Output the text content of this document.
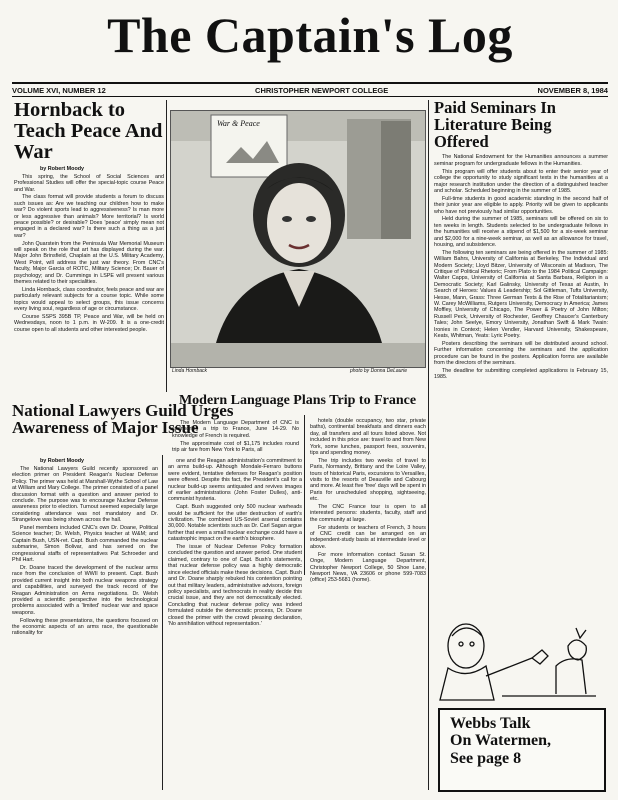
The Captain's Log
VOLUME XVI, NUMBER 12	CHRISTOPHER NEWPORT COLLEGE	NOVEMBER 8, 1984
Hornback to Teach Peace And War
by Robert Moody

This spring, the School of Social Sciences and Professional Studies will offer the special-topic course Peace and War.

The class format will provide students a forum to discuss such issues as: Are we teaching our children how to make war? Do violent sports lead to aggressiveness? Is man more or less aggressive than animals? More territorial? Is world peace possible? or desirable? Does 'peace' simply mean not engaged in a declared war? Is there such a thing as a just war?

John Quarstein from the Peninsula War Memorial Museum will speak on the role that art has displayed during the war. Major John Brinsfield, Chaplain at the U.S. Military Academy, West Point, will address the just war theory. From CNC's faculty, Major Garcia of ROTC, Military Science; Dr. Bauer of psychology; and Dr. Cummings in LSPE will present various themes related to their specialities.

Linda Hornback, class coordinator, feels peace and war are particularly relevant subjects for a course topic. While some topics would appeal to select groups, this issue concerns every living soul, regardless of age or circumstance.

Course SSPS 395B TP, Peace and War, will be held on Wednesdays, noon to 1 p.m. in W-209. It is a one-credit course open to all students and other interested people.

War & Peace
Linda Hornback	photo by Donna DeLaurie
Modern Language Plans Trip to France

The Modern Language Department of CNC is sponsoring a trip to France, June 14-29. No knowledge of French is required.

The approximate cost of $1,175 includes round trip air fare from New York to Paris, all

hotels (double occupancy, two star, private baths), continental breakfasts and dinners each day, all transfers and all tours listed above. Not included in this price are: travel to and from New York, some lunches, passport fees, souvenirs, tips and spending money.

The trip includes two weeks of travel to Paris, Normandy, Brittany and the Loire Valley, tours of historical Paris, excursions to Versailles, visits to the resorts of Deauville and Cabourg and more. At least five 'free' days will be spent in Paris for unscheduled shopping, sightseeing, etc.

The CNC France tour is open to all interested persons: students, faculty, staff and the community at large.

For students or teachers of French, 3 hours of CNC credit can be arranged on an independent-study basis at intermediate level or above.

For more information contact Susan St. Onge, Modern Language Department, Christopher Newport College, 50 Shoe Lane, Newport News, VA 23606 or phone 599-7083 (office) 253-5681 (home).

National Lawyers Guild Urges Awareness of Major Issue
by Robert Moody

The National Lawyers Guild recently sponsored an election primer on President Reagan's Nuclear Defense Policy. The primer was held at Marshall-Wythe School of Law at William and Mary College. The primer consisted of a panel discussion format with a question and answer period to conclude. The purpose was to encourage Nuclear Defense awareness prior to election. Turnout seemed especially large considering attendance was not mandatory and Dr. Strangelove was being shown across the hall.

Panel members included CNC's own Dr. Doane, Political Science teacher; Dr. Welsh, Physics teacher at W&M; and Captain Bush, USN-ret. Capt. Bush commanded the nuclear submarine, Simon Bolivar, and has served on the congressional staffs of representatives Pat Schroeder and Phil Hart.

Dr. Doane traced the development of the nuclear arms race from the conclusion of WWII to present. Capt. Bush provided current insight into both nuclear weapons strategy and capabilities, and surveyed the track record of the Reagan Administration on Arms negotiations. Dr. Welsh provided a scientific perspective into the technological problems associated with a 'limited' nuclear war and space weapons.

Following these presentations, the questions focused on the economic aspects of an arms race, the questionable rationality for

one and the Reagan administration's commitment to an arms build-up. Although Mondale-Ferraro buttons were evident, tentative defenses for Reagan's position were offered. Despite this fact, the President's call for a nuclear build-up seems antiquated and revives images of earlier administrations (John Foster Dulles), anti-communist hysteria.

Capt. Bush suggested only 500 nuclear warheads would be sufficient for the utter destruction of earth's civilization. The combined US-Soviet arsenal contains 30,000. Notable scientists such as Dr. Carl Sagan argue further that even a small nuclear exchange could have a catastrophic impact on the earth's biosphere.

The issue of Nuclear Defense Policy formation concluded the question and answer period. One student claimed, contrary to one of Capt. Bush's statements, that nuclear defense policy was a highly democratic since elected officials make these decisions. Capt. Bush and Dr. Doane sharply rebuked his contention pointing out that military leaders, administrative advisors, foreign policy specialists, and technocrats in reality decide this crucial issue, and they are not democratically elected. Concluding that nuclear defense policy was indeed formulated outside the democratic process, Dr. Doane closed the primer with the crowd pleasing declaration, 'No annihilation without representation.'

Paid Seminars In Literature Being Offered

The National Endowment for the Humanities announces a summer seminar program for undergraduate fellows in the Humanities.

This program will offer students about to enter their senior year of college the opportunity to study significant texts in the humanities at a major research institution under the direction of a distinguished teacher and scholar. Scheduled beginning in the summer of 1985.

Full-time students in good academic standing in the second half of their junior year are eligible to apply. Priority will be given to applicants who have not previously had similar opportunities.

Held during the summer of 1985, seminars will be offered on six to ten weeks in length. Students selected to be undergraduate fellows in the humanities will receive a stipend of $1,500 for a six-week seminar and $2,000 for a nine-week seminar, as well as an allowance for travel, housing, and subsistence.

The following ten seminars are being offered in the summer of 1985: William Bahrs, University of California at Berkeley, The Individual and Modern Society; Lloyd Bitzer, University of Wisconsin at Madison, The Critique of Political Rhetoric; From Plato to the 1984 Political Campaign: Walter Capps, University of California at Santa Barbara, Religion in a Democratic Society; Karl Galinsky, University of Texas at Austin, In Search of Heroes: Values & Leadership; Sol Gittleman, Tufts University, Hesse, Mann, Grass: Three German Texts & the Rise of Totalitarianism; W. Carey McWilliams, Rutgers University, Democracy in America; James Moffley, University of Chicago, The Power & Poetry of John Milton; Russell Peck, University of Rochester, Geoffrey Chaucer's Canterbury Tales; John Seelye, Emory University, Jonathan Swift & Mark Twain: Ironies in Context; Helen Vendler, Harvard University, Shakespeare, Keats, Whitman, Yeats: Lyric Poetry.

Posters describing the seminars will be distributed around school. Further information concerning the seminars and the application procedure can be found in the posters. Application forms are available from the directors of the seminars.

The deadline for submitting completed applications is February 15, 1985.

Webbs Talk
On Watermen,
See page 8
